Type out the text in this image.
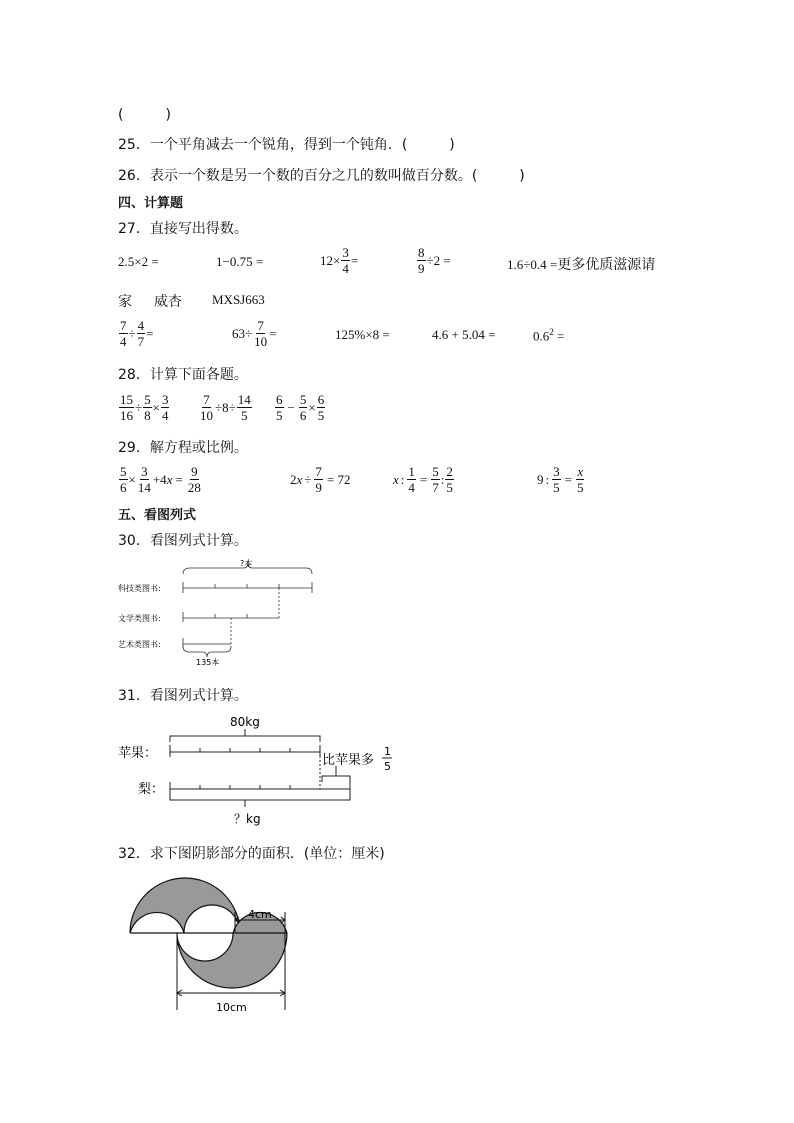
(　　　)
25．一个平角减去一个锐角，得到一个钝角．(　　　)
26．表示一个数是另一个数的百分之几的数叫做百分数。(　　　)
四、计算题
27．直接写出得数。
2.5×2 =	1−0.75 =	$12\times \frac{3}{4}$ =	$\frac{8}{9} \div 2$ =	1.6÷0.4 =更多优质滋源请
家 威杏 MXSJ663
$\frac{7}{4} \div \frac{4}{7}$ =	$63\div \frac{7}{10}$ =	125%×8 =	4.6 + 5.04 =	$0.6^2$ =
28．计算下面各题。
$\frac{15}{16} \div \frac{5}{8} \times \frac{3}{4} \frac{7}{10} \div 8\div \frac{14}{5} \frac{6}{5} - \frac{5}{6} \times \frac{6}{5}$
29．解方程或比例。
$\frac{5}{6} \times \frac{3}{14} +4$ $x = \frac{9}{28}$	2 $x \div \frac{7}{9} = 72$	x : $\frac{1}{4} = \frac{5}{7}$ : $\frac{2}{5}$	9 : $\frac{3}{5} = \frac{x}{5}$
五、看图列式
30．看图列式计算。
?本
科技类图书:
文学类图书:
艺术类图书:
135本
31．看图列式计算。
80kg
苹果：
梨：
比苹果多
1
5
？kg
32．求下图阴影部分的面积．(单位：厘米)
4cm
10cm
